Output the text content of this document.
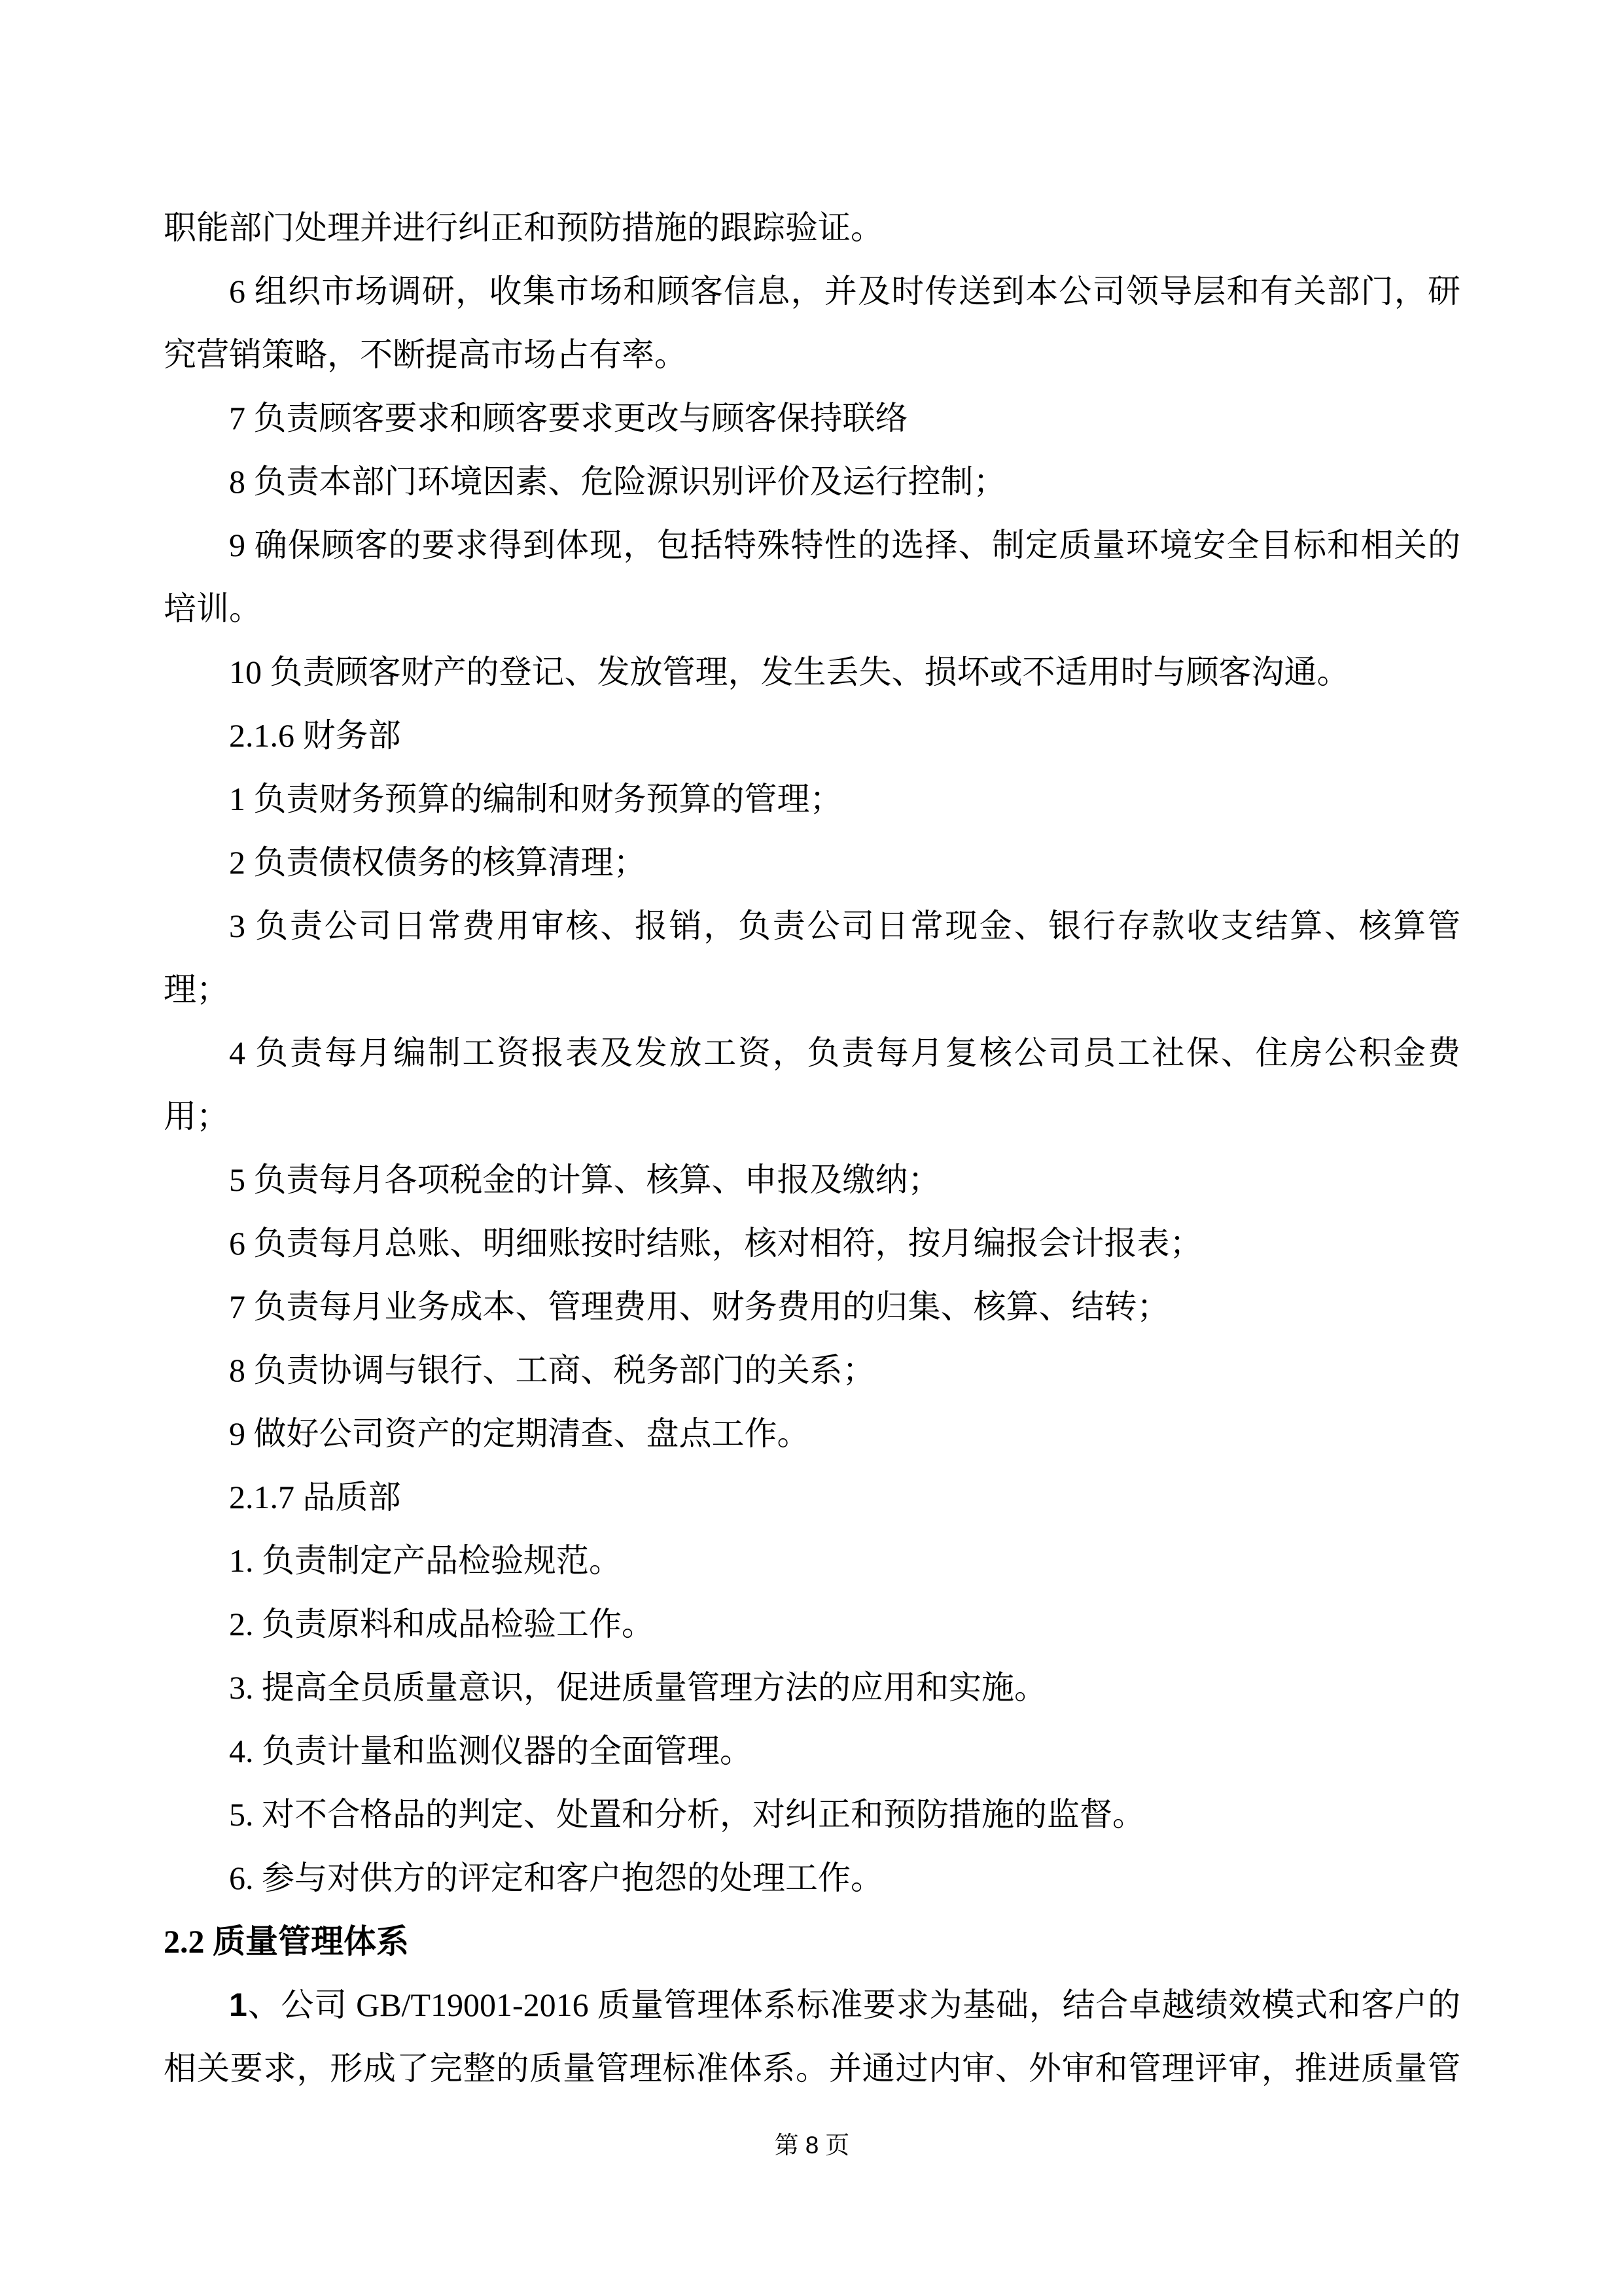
职能部门处理并进行纠正和预防措施的跟踪验证。
6 组织市场调研，收集市场和顾客信息，并及时传送到本公司领导层和有关部门，研
究营销策略，不断提高市场占有率。
7 负责顾客要求和顾客要求更改与顾客保持联络
8 负责本部门环境因素、危险源识别评价及运行控制；
9 确保顾客的要求得到体现，包括特殊特性的选择、制定质量环境安全目标和相关的
培训。
10 负责顾客财产的登记、发放管理，发生丢失、损坏或不适用时与顾客沟通。
2.1.6 财务部
1 负责财务预算的编制和财务预算的管理；
2 负责债权债务的核算清理；
3 负责公司日常费用审核、报销，负责公司日常现金、银行存款收支结算、核算管
理；
4 负责每月编制工资报表及发放工资，负责每月复核公司员工社保、住房公积金费
用；
5 负责每月各项税金的计算、核算、申报及缴纳；
6 负责每月总账、明细账按时结账，核对相符，按月编报会计报表；
7 负责每月业务成本、管理费用、财务费用的归集、核算、结转；
8 负责协调与银行、工商、税务部门的关系；
9 做好公司资产的定期清查、盘点工作。
2.1.7 品质部
1. 负责制定产品检验规范。
2. 负责原料和成品检验工作。
3. 提高全员质量意识，促进质量管理方法的应用和实施。
4. 负责计量和监测仪器的全面管理。
5. 对不合格品的判定、处置和分析，对纠正和预防措施的监督。
6. 参与对供方的评定和客户抱怨的处理工作。
2.2 质量管理体系
1、公司 GB/T19001-2016 质量管理体系标准要求为基础，结合卓越绩效模式和客户的
相关要求，形成了完整的质量管理标准体系。并通过内审、外审和管理评审，推进质量管
第 8 页
